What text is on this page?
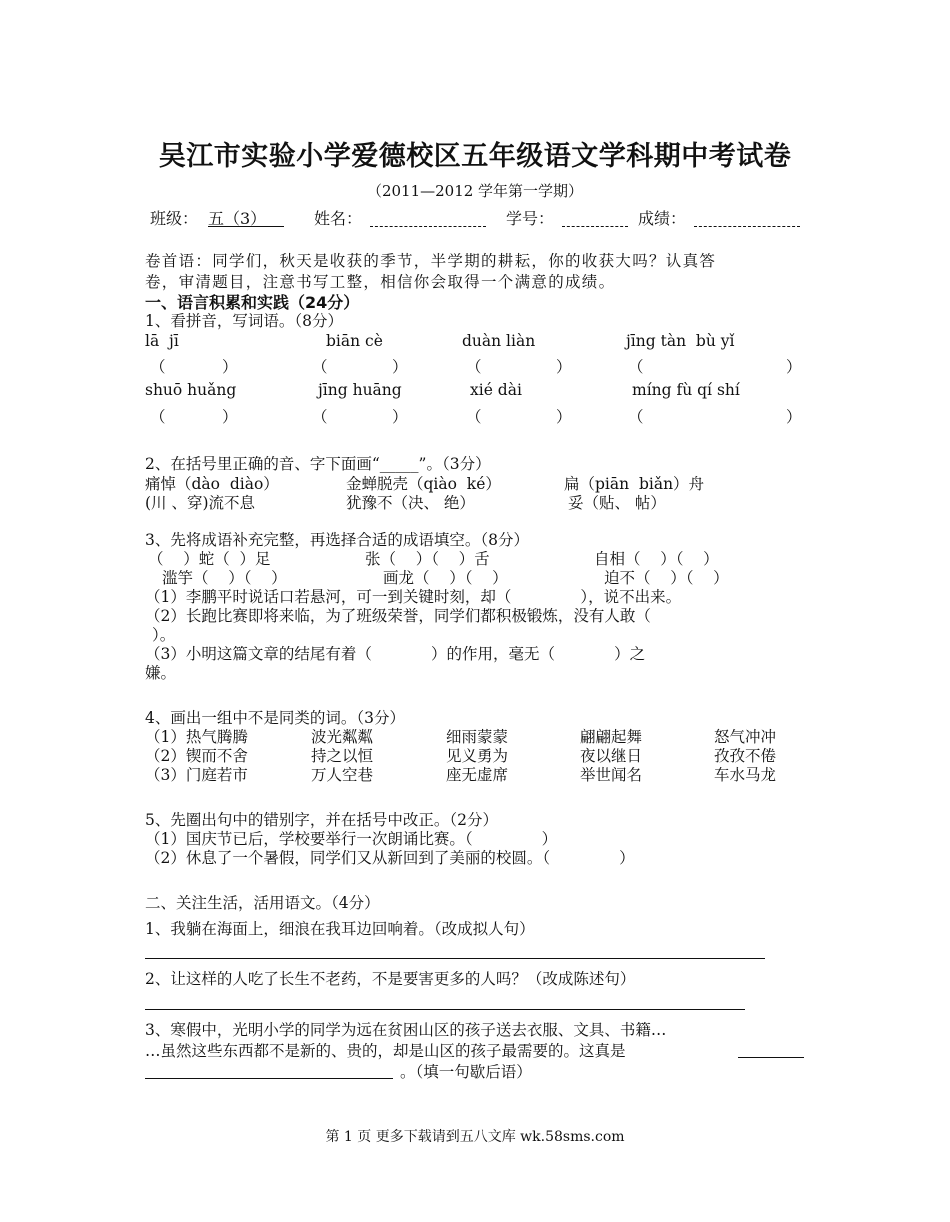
吴江市实验小学爱德校区五年级语文学科期中考试卷
（2011—2012 学年第一学期）
班级： 五（3）	姓名：	学号：	成绩：
卷首语：同学们，秋天是收获的季节，半学期的耕耘，你的收获大吗？认真答
卷，审清题目，注意书写工整，相信你会取得一个满意的成绩。
一、语言积累和实践（24分）
1、看拼音，写词语。（8分）
lā  jī	biān cè	duàn liàn	jīng tàn  bù yǐ
（	）	（	）	（	）	（	）
shuō huǎng	jīng huāng	xié dài	míng fù qí shí
（	）	（	）	（	）	（	）
2、在括号里正确的音、字下面画“_____”。（3分）
痛悼（dào  diào）	金蝉脱壳（qiào  ké）	扁（piān  biǎn）舟
(川 、穿)流不息	犹豫不（决、 绝）	妥（贴、 帖）
3、先将成语补充完整，再选择合适的成语填空。（8分）
（    ）蛇（  ）足	张（    ）（    ）舌	自相（    ）（    ）
滥竽（    ）（    ）	画龙（    ）（    ）	迫不（    ）（    ）
（1）李鹏平时说话口若悬河，可一到关键时刻，却（              ），说不出来。
（2）长跑比赛即将来临，为了班级荣誉，同学们都积极锻炼，没有人敢（
）。
（3）小明这篇文章的结尾有着（            ）的作用，毫无（            ）之
嫌。
4、画出一组中不是同类的词。（3分）
（1）热气腾腾	波光粼粼	细雨蒙蒙	翩翩起舞	怒气冲冲
（2）锲而不舍	持之以恒	见义勇为	夜以继日	孜孜不倦
（3）门庭若市	万人空巷	座无虚席	举世闻名	车水马龙
5、先圈出句中的错别字，并在括号中改正。（2分）
（1）国庆节已后，学校要举行一次朗诵比赛。（              ）
（2）休息了一个暑假，同学们又从新回到了美丽的校圆。（              ）
二、关注生活，活用语文。（4分）
1、我躺在海面上，细浪在我耳边回响着。（改成拟人句）
2、让这样的人吃了长生不老药，不是要害更多的人吗？（改成陈述句）
3、寒假中，光明小学的同学为远在贫困山区的孩子送去衣服、文具、书籍…
…虽然这些东西都不是新的、贵的，却是山区的孩子最需要的。这真是
。（填一句歇后语）
第 1 页 更多下载请到五八文库 wk.58sms.com
